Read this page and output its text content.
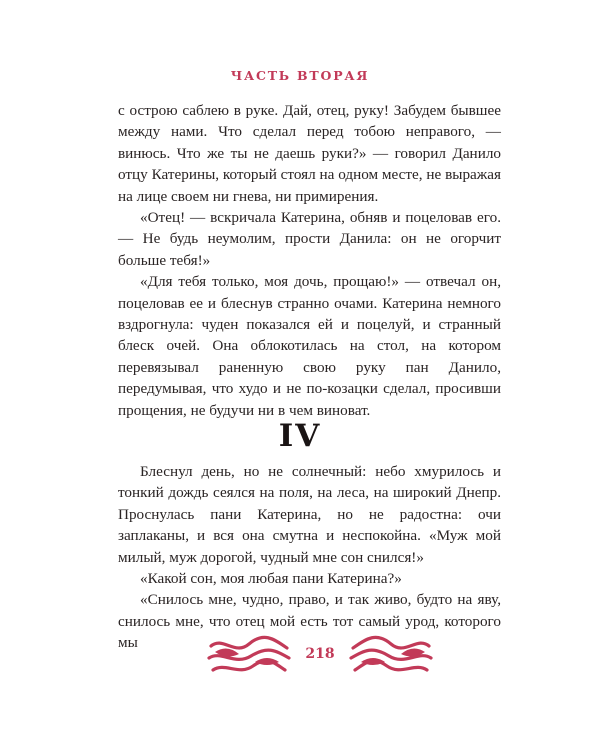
ЧАСТЬ ВТОРАЯ

с острою саблею в руке. Дай, отец, руку! Забудем бывшее между нами. Что сделал перед тобою неправого, — винюсь. Что же ты не даешь руки?» — говорил Данило отцу Катерины, который стоял на одном месте, не выражая на лице своем ни гнева, ни примирения.

«Отец! — вскричала Катерина, обняв и поцеловав его. — Не будь неумолим, прости Данила: он не огорчит больше тебя!»

«Для тебя только, моя дочь, прощаю!» — отвечал он, поцеловав ее и блеснув странно очами. Катерина немного вздрогнула: чуден показался ей и поцелуй, и странный блеск очей. Она облокотилась на стол, на котором перевязывал раненную свою руку пан Данило, передумывая, что худо и не по-козацки сделал, просивши прощения, не будучи ни в чем виноват.

IV

Блеснул день, но не солнечный: небо хмурилось и тонкий дождь сеялся на поля, на леса, на широкий Днепр. Проснулась пани Катерина, но не радостна: очи заплаканы, и вся она смутна и неспокойна. «Муж мой милый, муж дорогой, чудный мне сон снился!»

«Какой сон, моя любая пани Катерина?»

«Снилось мне, чудно, право, и так живо, будто на яву, снилось мне, что отец мой есть тот самый урод, которого мы

218
